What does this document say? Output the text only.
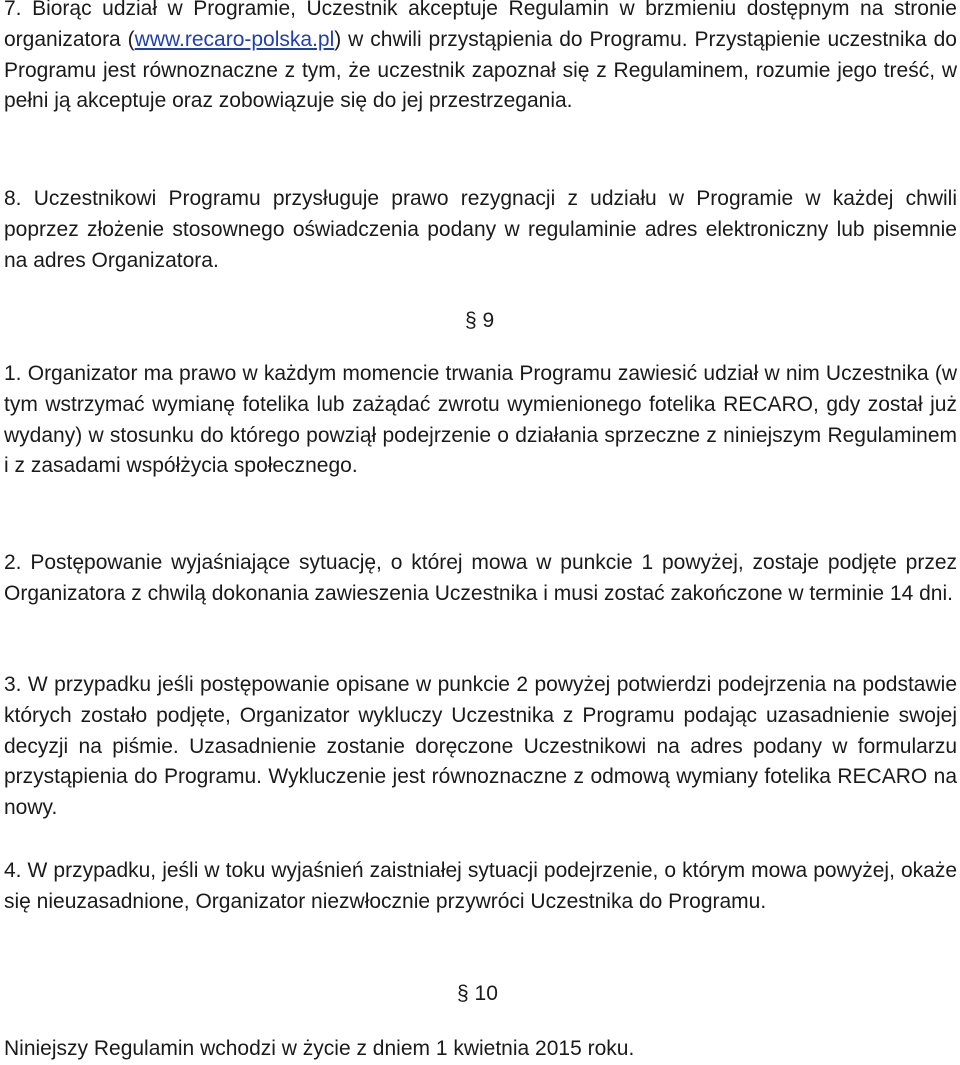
7. Biorąc udział w Programie, Uczestnik akceptuje Regulamin w brzmieniu dostępnym na stronie organizatora (www.recaro-polska.pl) w chwili przystąpienia do Programu. Przystąpienie uczestnika do Programu jest równoznaczne z tym, że uczestnik zapoznał się z Regulaminem, rozumie jego treść, w pełni ją akceptuje oraz zobowiązuje się do jej przestrzegania.

8. Uczestnikowi Programu przysługuje prawo rezygnacji z udziału w Programie w każdej chwili poprzez złożenie stosownego oświadczenia podany w regulaminie adres elektroniczny lub pisemnie na adres Organizatora.

§ 9

1. Organizator ma prawo w każdym momencie trwania Programu zawiesić udział w nim Uczestnika (w tym wstrzymać wymianę fotelika lub zażądać zwrotu wymienionego fotelika RECARO, gdy został już wydany) w stosunku do którego powziął podejrzenie o działania sprzeczne z niniejszym Regulaminem i z zasadami współżycia społecznego.

2. Postępowanie wyjaśniające sytuację, o której mowa w punkcie 1 powyżej, zostaje podjęte przez Organizatora z chwilą dokonania zawieszenia Uczestnika i musi zostać zakończone w terminie 14 dni.

3. W przypadku jeśli postępowanie opisane w punkcie 2 powyżej potwierdzi podejrzenia na podstawie których zostało podjęte, Organizator wykluczy Uczestnika z Programu podając uzasadnienie swojej decyzji na piśmie. Uzasadnienie zostanie doręczone Uczestnikowi na adres podany w formularzu przystąpienia do Programu. Wykluczenie jest równoznaczne z odmową wymiany fotelika RECARO na nowy.

4. W przypadku, jeśli w toku wyjaśnień zaistniałej sytuacji podejrzenie, o którym mowa powyżej, okaże się nieuzasadnione, Organizator niezwłocznie przywróci Uczestnika do Programu.

§ 10

Niniejszy Regulamin wchodzi w życie z dniem 1 kwietnia 2015 roku.
